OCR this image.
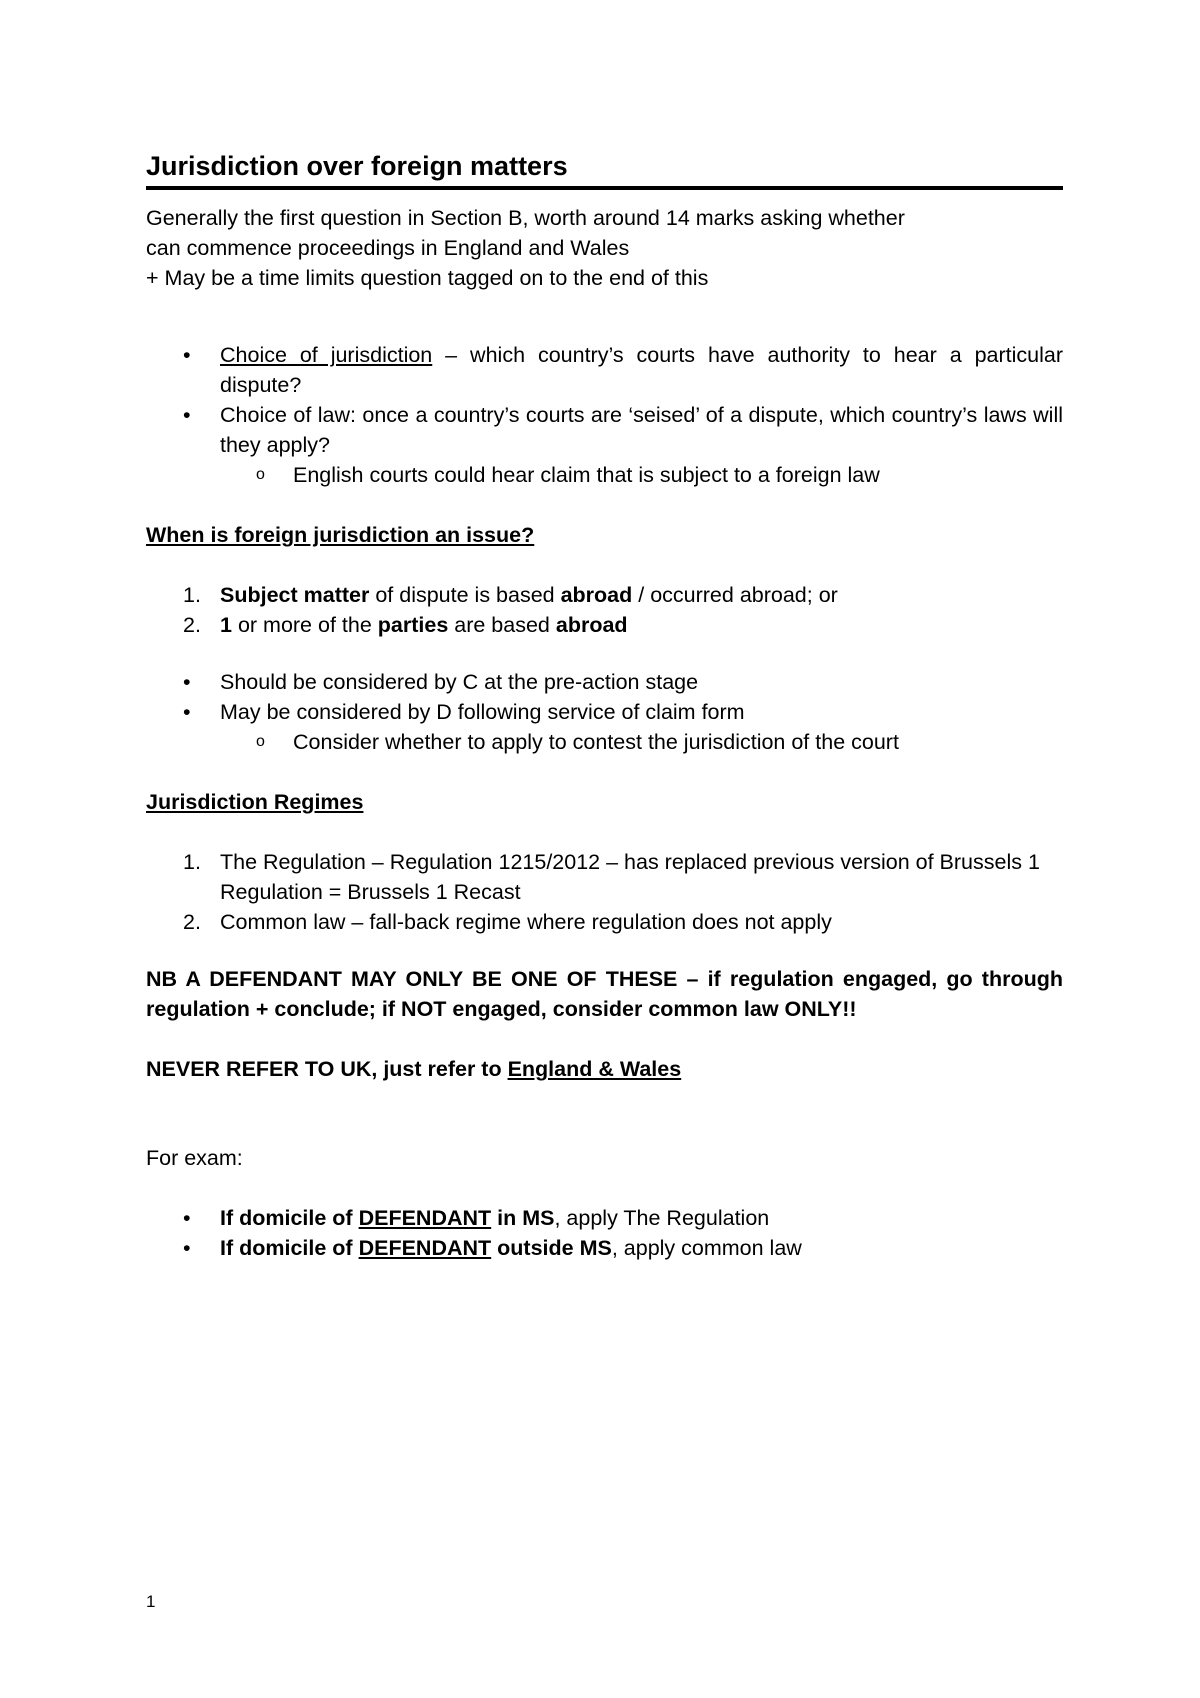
Jurisdiction over foreign matters

Generally the first question in Section B, worth around 14 marks asking whether can commence proceedings in England and Wales

+ May be a time limits question tagged on to the end of this

• Choice of jurisdiction – which country’s courts have authority to hear a particular dispute?
• Choice of law: once a country’s courts are ‘seised’ of a dispute, which country’s laws will they apply?
o English courts could hear claim that is subject to a foreign law

When is foreign jurisdiction an issue?

1. Subject matter of dispute is based abroad / occurred abroad; or
2. 1 or more of the parties are based abroad
• Should be considered by C at the pre-action stage
• May be considered by D following service of claim form
o Consider whether to apply to contest the jurisdiction of the court

Jurisdiction Regimes

1. The Regulation – Regulation 1215/2012 – has replaced previous version of Brussels 1 Regulation = Brussels 1 Recast
2. Common law – fall-back regime where regulation does not apply

NB A DEFENDANT MAY ONLY BE ONE OF THESE – if regulation engaged, go through regulation + conclude; if NOT engaged, consider common law ONLY!!

NEVER REFER TO UK, just refer to England & Wales

For exam:

• If domicile of DEFENDANT in MS, apply The Regulation
• If domicile of DEFENDANT outside MS, apply common law
1
